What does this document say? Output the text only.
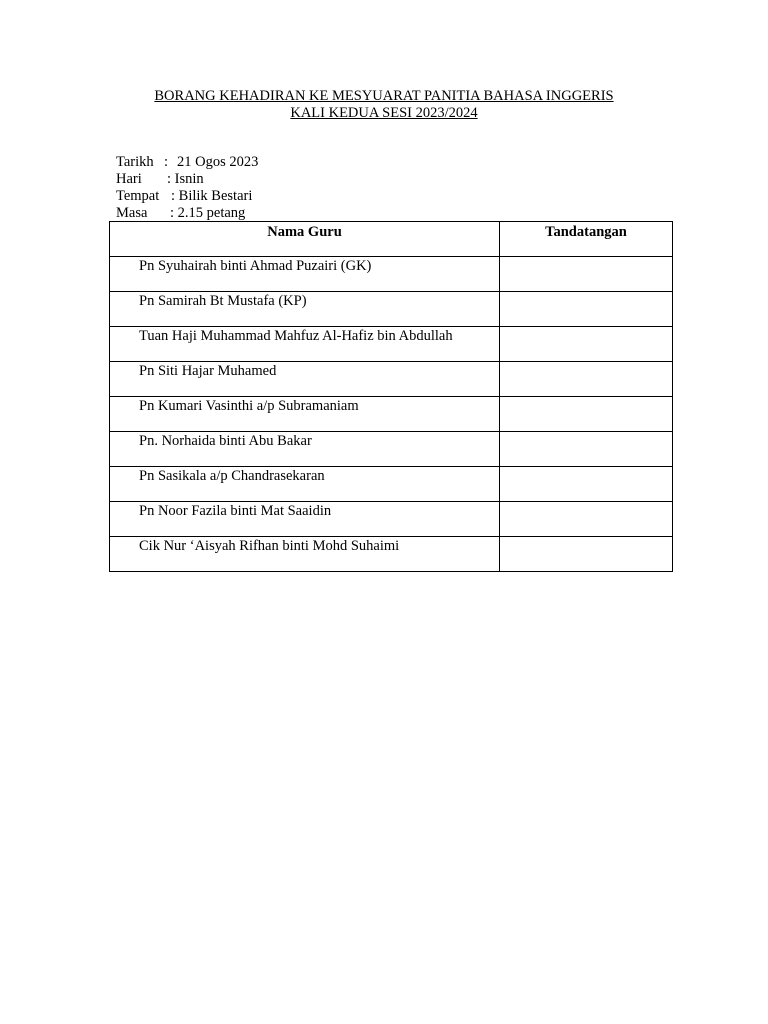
BORANG KEHADIRAN KE MESYUARAT PANITIA BAHASA INGGERIS
KALI KEDUA SESI 2023/2024
Tarikh : 21 Ogos 2023
Hari	: Isnin
Tempat : Bilik Bestari
Masa	: 2.15 petang
Nama Guru	Tandatangan
Pn Syuhairah binti Ahmad Puzairi (GK)	
Pn Samirah Bt Mustafa (KP)	
Tuan Haji Muhammad Mahfuz Al-Hafiz bin Abdullah	
Pn Siti Hajar Muhamed	
Pn Kumari Vasinthi a/p Subramaniam	
Pn. Norhaida binti Abu Bakar	
Pn Sasikala a/p Chandrasekaran	
Pn Noor Fazila binti Mat Saaidin	
Cik Nur ‘Aisyah Rifhan binti Mohd Suhaimi	
